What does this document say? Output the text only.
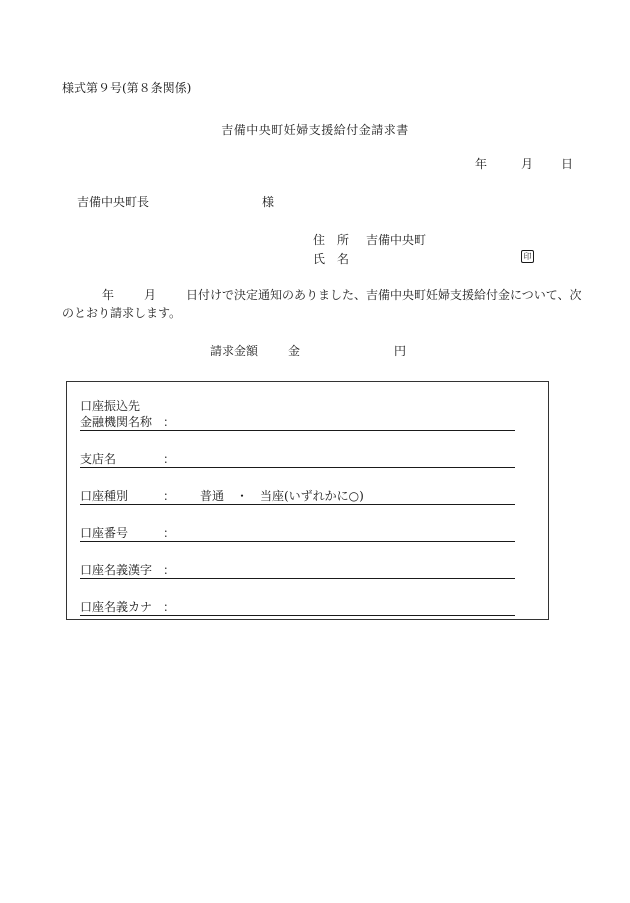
様式第９号(第８条関係)
吉備中央町妊婦支援給付金請求書
年	月 日
吉備中央町長	様
住　所 吉備中央町
氏　名	印
年	月	日付けで決定通知のありました、吉備中央町妊婦支援給付金について、次のとおり請求します。
請求金額	金	円
口座振込先
金融機関名称 ：
支店名	：
口座種別	： 普通　・　当座(いずれかに○)
口座番号	：
口座名義漢字 ：
口座名義カナ ：
